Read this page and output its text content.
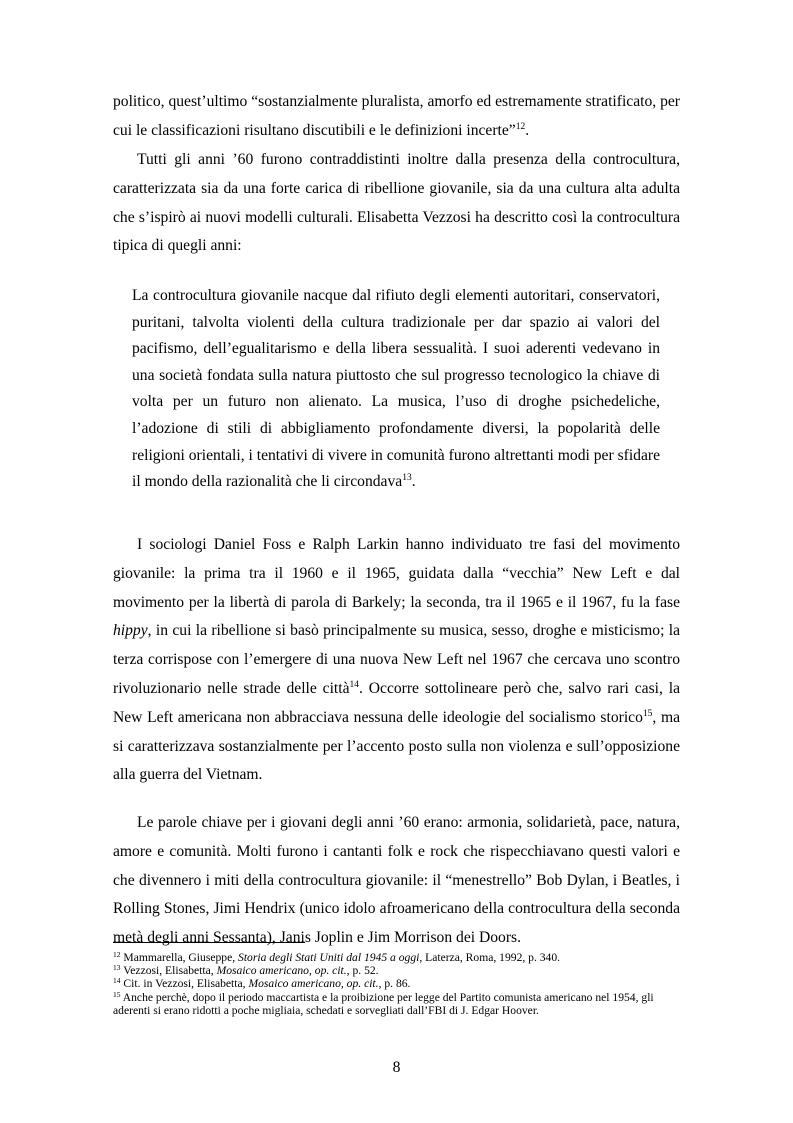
politico, quest’ultimo “sostanzialmente pluralista, amorfo ed estremamente stratificato, per cui le classificazioni risultano discutibili e le definizioni incerte”$^{12}$.

Tutti gli anni ’60 furono contraddistinti inoltre dalla presenza della controcultura, caratterizzata sia da una forte carica di ribellione giovanile, sia da una cultura alta adulta che s’ispirò ai nuovi modelli culturali. Elisabetta Vezzosi ha descritto così la controcultura tipica di quegli anni:

La controcultura giovanile nacque dal rifiuto degli elementi autoritari, conservatori, puritani, talvolta violenti della cultura tradizionale per dar spazio ai valori del pacifismo, dell’egualitarismo e della libera sessualità. I suoi aderenti vedevano in una società fondata sulla natura piuttosto che sul progresso tecnologico la chiave di volta per un futuro non alienato. La musica, l’uso di droghe psichedeliche, l’adozione di stili di abbigliamento profondamente diversi, la popolarità delle religioni orientali, i tentativi di vivere in comunità furono altrettanti modi per sfidare il mondo della razionalità che li circondava$^{13}$.

I sociologi Daniel Foss e Ralph Larkin hanno individuato tre fasi del movimento giovanile: la prima tra il 1960 e il 1965, guidata dalla “vecchia” New Left e dal movimento per la libertà di parola di Barkely; la seconda, tra il 1965 e il 1967, fu la fase hippy, in cui la ribellione si basò principalmente su musica, sesso, droghe e misticismo; la terza corrispose con l’emergere di una nuova New Left nel 1967 che cercava uno scontro rivoluzionario nelle strade delle città$^{14}$. Occorre sottolineare però che, salvo rari casi, la New Left americana non abbracciava nessuna delle ideologie del socialismo storico$^{15}$, ma si caratterizzava sostanzialmente per l’accento posto sulla non violenza e sull’opposizione alla guerra del Vietnam.

Le parole chiave per i giovani degli anni ’60 erano: armonia, solidarietà, pace, natura, amore e comunità. Molti furono i cantanti folk e rock che rispecchiavano questi valori e che divennero i miti della controcultura giovanile: il “menestrello” Bob Dylan, i Beatles, i Rolling Stones, Jimi Hendrix (unico idolo afroamericano della controcultura della seconda metà degli anni Sessanta), Janis Joplin e Jim Morrison dei Doors.

$^{12}$ Mammarella, Giuseppe, Storia degli Stati Uniti dal 1945 a oggi, Laterza, Roma, 1992, p. 340.
$^{13}$ Vezzosi, Elisabetta, Mosaico americano, op. cit., p. 52.
$^{14}$ Cit. in Vezzosi, Elisabetta, Mosaico americano, op. cit., p. 86.
$^{15}$ Anche perchè, dopo il periodo maccartista e la proibizione per legge del Partito comunista americano nel 1954, gli aderenti si erano ridotti a poche migliaia, schedati e sorvegliati dall’FBI di J. Edgar Hoover.
8
